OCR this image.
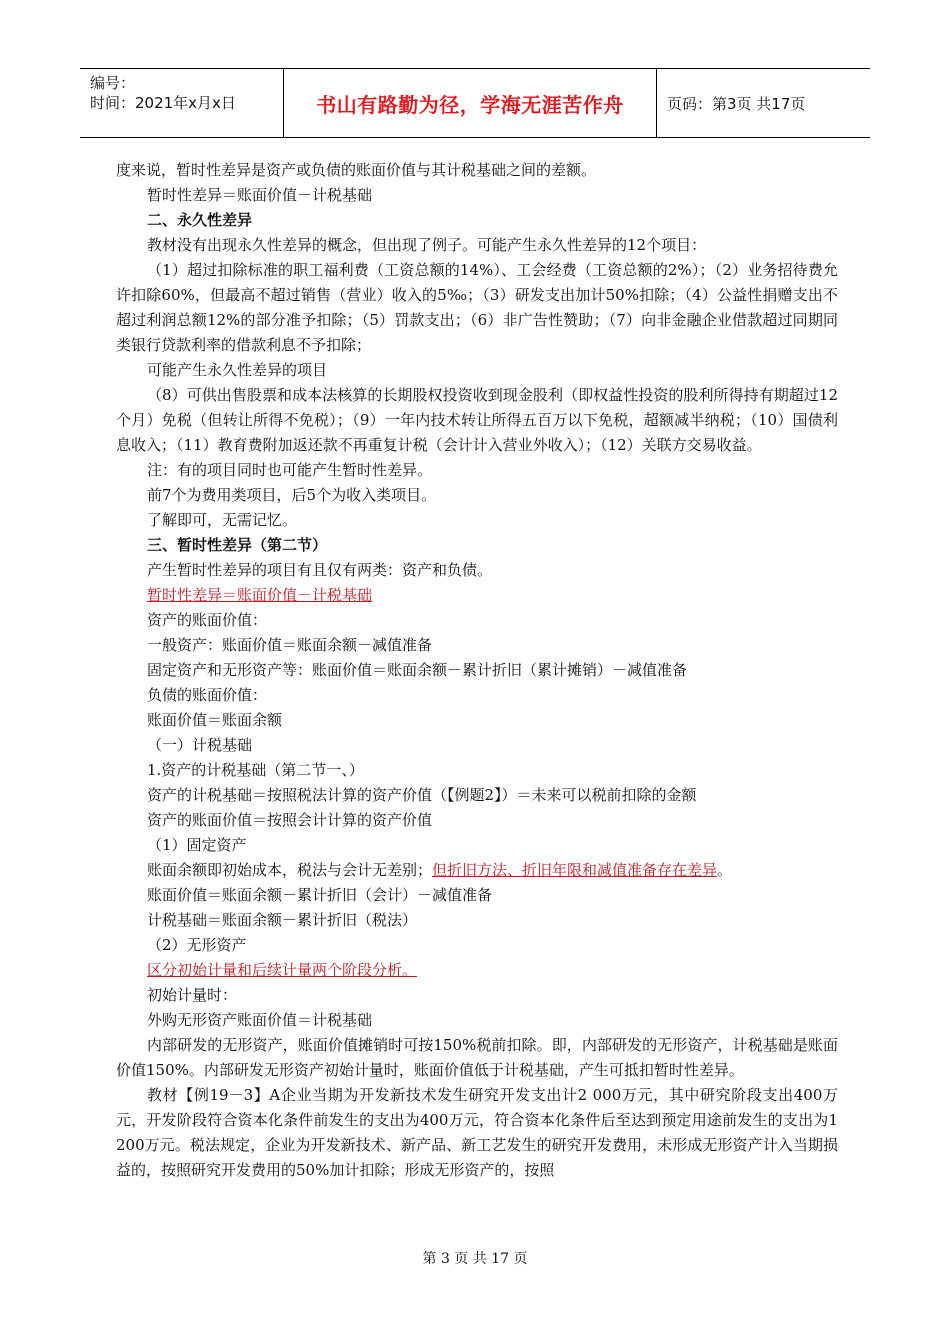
编号：
时间：2021年x月x日	书山有路勤为径，学海无涯苦作舟	页码：第3页 共17页

度来说，暂时性差异是资产或负债的账面价值与其计税基础之间的差额。

暂时性差异＝账面价值－计税基础

二、永久性差异

教材没有出现永久性差异的概念，但出现了例子。可能产生永久性差异的12个项目：

（1）超过扣除标准的职工福利费（工资总额的14%）、工会经费（工资总额的2%）；（2）业务招待费允许扣除60%，但最高不超过销售（营业）收入的5‰；（3）研发支出加计50%扣除；（4）公益性捐赠支出不超过利润总额12%的部分准予扣除；（5）罚款支出；（6）非广告性赞助；（7）向非金融企业借款超过同期同类银行贷款利率的借款利息不予扣除；

可能产生永久性差异的项目

（8）可供出售股票和成本法核算的长期股权投资收到现金股利（即权益性投资的股利所得持有期超过12个月）免税（但转让所得不免税）；（9）一年内技术转让所得五百万以下免税，超额减半纳税；（10）国债利息收入；（11）教育费附加返还款不再重复计税（会计计入营业外收入）；（12）关联方交易收益。

注：有的项目同时也可能产生暂时性差异。

前7个为费用类项目，后5个为收入类项目。

了解即可，无需记忆。

三、暂时性差异（第二节）

产生暂时性差异的项目有且仅有两类：资产和负债。

暂时性差异＝账面价值－计税基础

资产的账面价值：

一般资产：账面价值＝账面余额－减值准备

固定资产和无形资产等：账面价值＝账面余额－累计折旧（累计摊销）－减值准备

负债的账面价值：

账面价值＝账面余额

（一）计税基础

1.资产的计税基础（第二节一、）

资产的计税基础＝按照税法计算的资产价值（【例题2】）＝未来可以税前扣除的金额

资产的账面价值＝按照会计计算的资产价值

（1）固定资产

账面余额即初始成本，税法与会计无差别；但折旧方法、折旧年限和减值准备存在差异。

账面价值＝账面余额－累计折旧（会计）－减值准备

计税基础＝账面余额－累计折旧（税法）

（2）无形资产

区分初始计量和后续计量两个阶段分析。

初始计量时：

外购无形资产账面价值＝计税基础

内部研发的无形资产，账面价值摊销时可按150%税前扣除。即，内部研发的无形资产，计税基础是账面价值150%。内部研发无形资产初始计量时，账面价值低于计税基础，产生可抵扣暂时性差异。

教材【例19－3】A企业当期为开发新技术发生研究开发支出计2 000万元，其中研究阶段支出400万元，开发阶段符合资本化条件前发生的支出为400万元，符合资本化条件后至达到预定用途前发生的支出为1 200万元。税法规定，企业为开发新技术、新产品、新工艺发生的研究开发费用，未形成无形资产计入当期损益的，按照研究开发费用的50%加计扣除；形成无形资产的，按照

第 3 页 共 17 页
